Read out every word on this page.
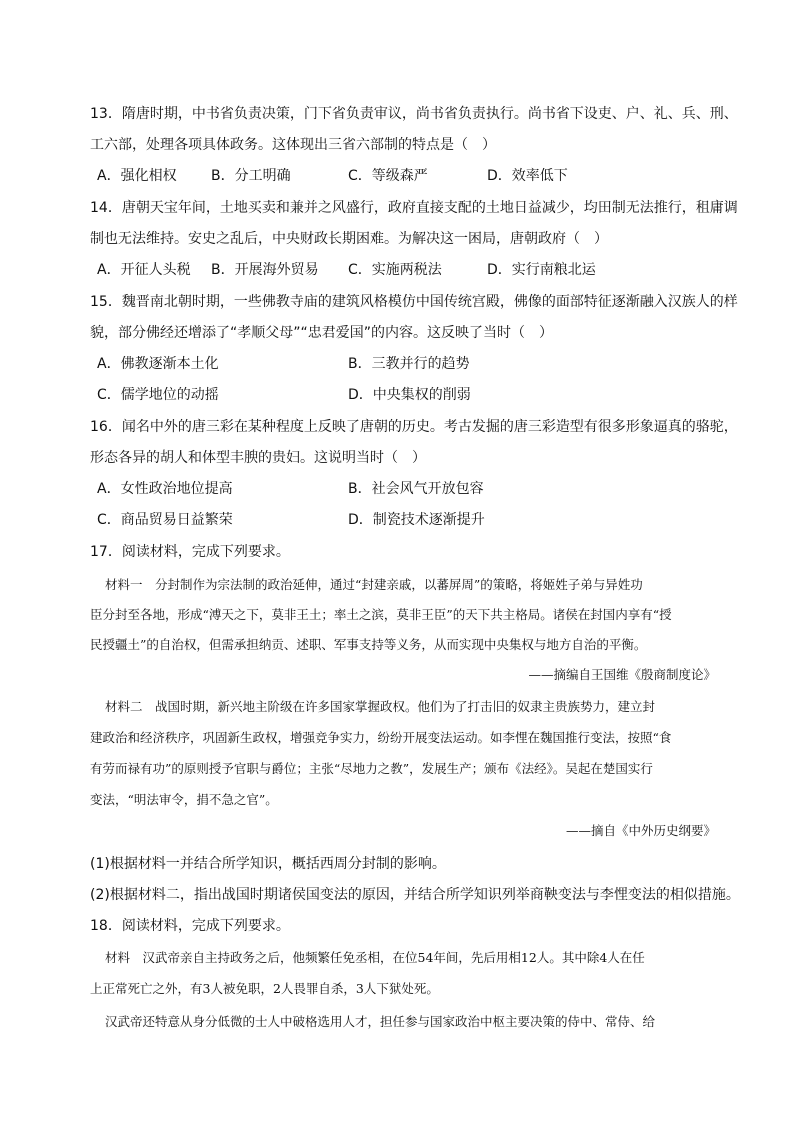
13．隋唐时期，中书省负责决策，门下省负责审议，尚书省负责执行。尚书省下设吏、户、礼、兵、刑、
工六部，处理各项具体政务。这体现出三省六部制的特点是（　）
A．强化相权 B．分工明确	C．等级森严	D．效率低下
14．唐朝天宝年间，土地买卖和兼并之风盛行，政府直接支配的土地日益减少，均田制无法推行，租庸调
制也无法维持。安史之乱后，中央财政长期困难。为解决这一困局，唐朝政府（　）
A．开征人头税 B．开展海外贸易 C．实施两税法	D．实行南粮北运
15．魏晋南北朝时期，一些佛教寺庙的建筑风格模仿中国传统宫殿，佛像的面部特征逐渐融入汉族人的样
貌，部分佛经还增添了“孝顺父母”“忠君爱国”的内容。这反映了当时（　）
A．佛教逐渐本土化	B．三教并行的趋势
C．儒学地位的动摇	D．中央集权的削弱
16．闻名中外的唐三彩在某种程度上反映了唐朝的历史。考古发掘的唐三彩造型有很多形象逼真的骆驼，
形态各异的胡人和体型丰腴的贵妇。这说明当时（　）
A．女性政治地位提高	B．社会风气开放包容
C．商品贸易日益繁荣	D．制瓷技术逐渐提升
17．阅读材料，完成下列要求。
材料一　分封制作为宗法制的政治延伸，通过“封建亲戚，以蕃屏周”的策略，将姬姓子弟与异姓功
臣分封至各地，形成“溥天之下，莫非王土；率土之滨，莫非王臣”的天下共主格局。诸侯在封国内享有“授
民授疆土”的自治权，但需承担纳贡、述职、军事支持等义务，从而实现中央集权与地方自治的平衡。
——摘编自王国维《殷商制度论》
材料二　战国时期，新兴地主阶级在许多国家掌握政权。他们为了打击旧的奴隶主贵族势力，建立封
建政治和经济秩序，巩固新生政权，增强竞争实力，纷纷开展变法运动。如李悝在魏国推行变法，按照“食
有劳而禄有功”的原则授予官职与爵位；主张“尽地力之教”，发展生产；颁布《法经》。吴起在楚国实行
变法，“明法审令，捐不急之官”。
——摘自《中外历史纲要》
(1)根据材料一并结合所学知识，概括西周分封制的影响。
(2)根据材料二，指出战国时期诸侯国变法的原因，并结合所学知识列举商鞅变法与李悝变法的相似措施。
18．阅读材料，完成下列要求。
材料　汉武帝亲自主持政务之后，他频繁任免丞相，在位54年间，先后用相12人。其中除4人在任
上正常死亡之外，有3人被免职，2人畏罪自杀，3人下狱处死。
汉武帝还特意从身分低微的士人中破格选用人才，担任参与国家政治中枢主要决策的侍中、常侍、给
